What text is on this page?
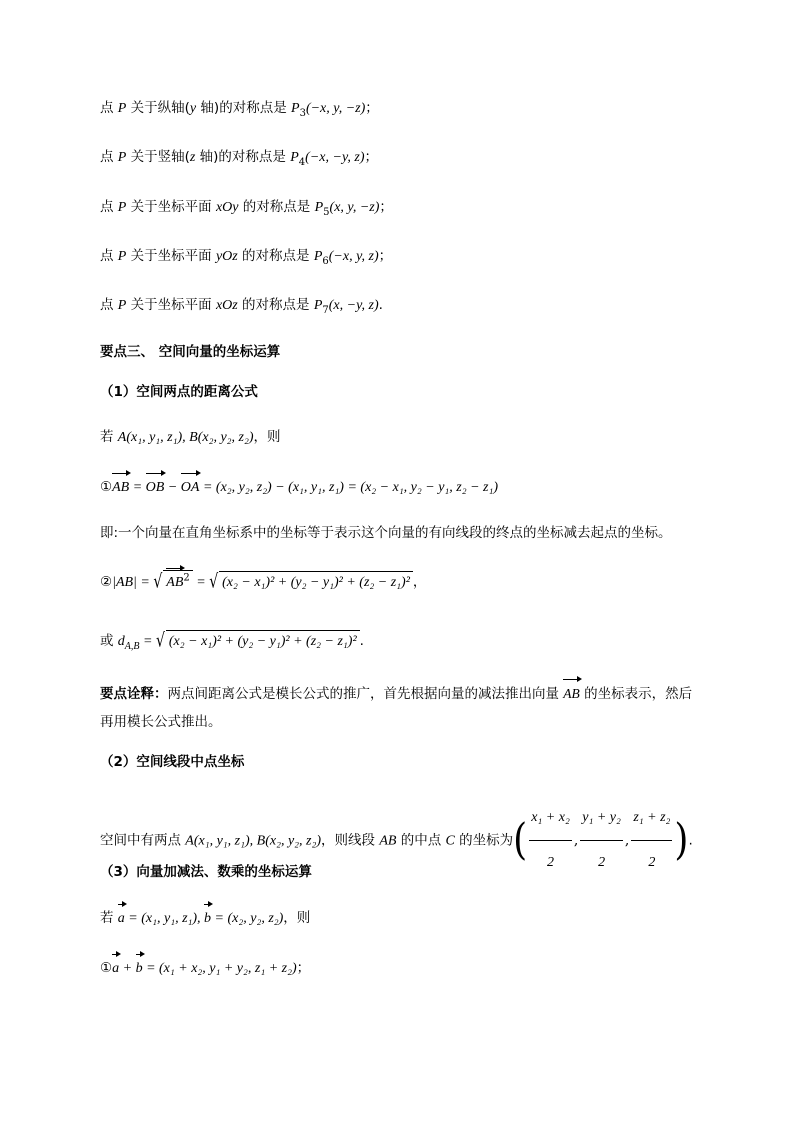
点 P 关于纵轴(y 轴)的对称点是 $P_3(-x$, y, −z)；
点 P 关于竖轴(z 轴)的对称点是 $P_4(-x$, −y, z)；
点 P 关于坐标平面 xOy 的对称点是 $P_5(x$, y, −z)；
点 P 关于坐标平面 yOz 的对称点是 $P_6(-x$, y, z)；
点 P 关于坐标平面 xOz 的对称点是 $P_7(x$, −y, z).
要点三、 空间向量的坐标运算
（1）空间两点的距离公式
若 A(x₁, y₁, z₁), B(x₂, y₂, z₂)，则
①AB = OB − OA = (x₂, y₂, z₂) − (x₁, y₁, z₁) = (x₂ − x₁, y₂ − y₁, z₂ − z₁)
即:一个向量在直角坐标系中的坐标等于表示这个向量的有向线段的终点的坐标减去起点的坐标。
②|AB| = √ $AB^2$ = √ (x₂ − x₁)² + (y₂ − y₁)² + (z₂ − z₁)² ，
或 $d_{A,B}$ = √ (x₂ − x₁)² + (y₂ − y₁)² + (z₂ − z₁)² .
要点诠释：两点间距离公式是模长公式的推广，首先根据向量的减法推出向量 AB 的坐标表示，然后
再用模长公式推出。
（2）空间线段中点坐标
空间中有两点 A(x₁, y₁, z₁), B(x₂, y₂, z₂)，则线段 AB 的中点 C 的坐标为( $\frac{\text{x₁ + x₂}}{2}$ , $\frac{\text{y₁ + y₂}}{2}$ , $\frac{\text{z₁ + z₂}}{2}$ ).
（3）向量加减法、数乘的坐标运算
若 a = (x₁, y₁, z₁), b = (x₂, y₂, z₂)，则
①a + b = (x₁ + x₂, y₁ + y₂, z₁ + z₂)；
